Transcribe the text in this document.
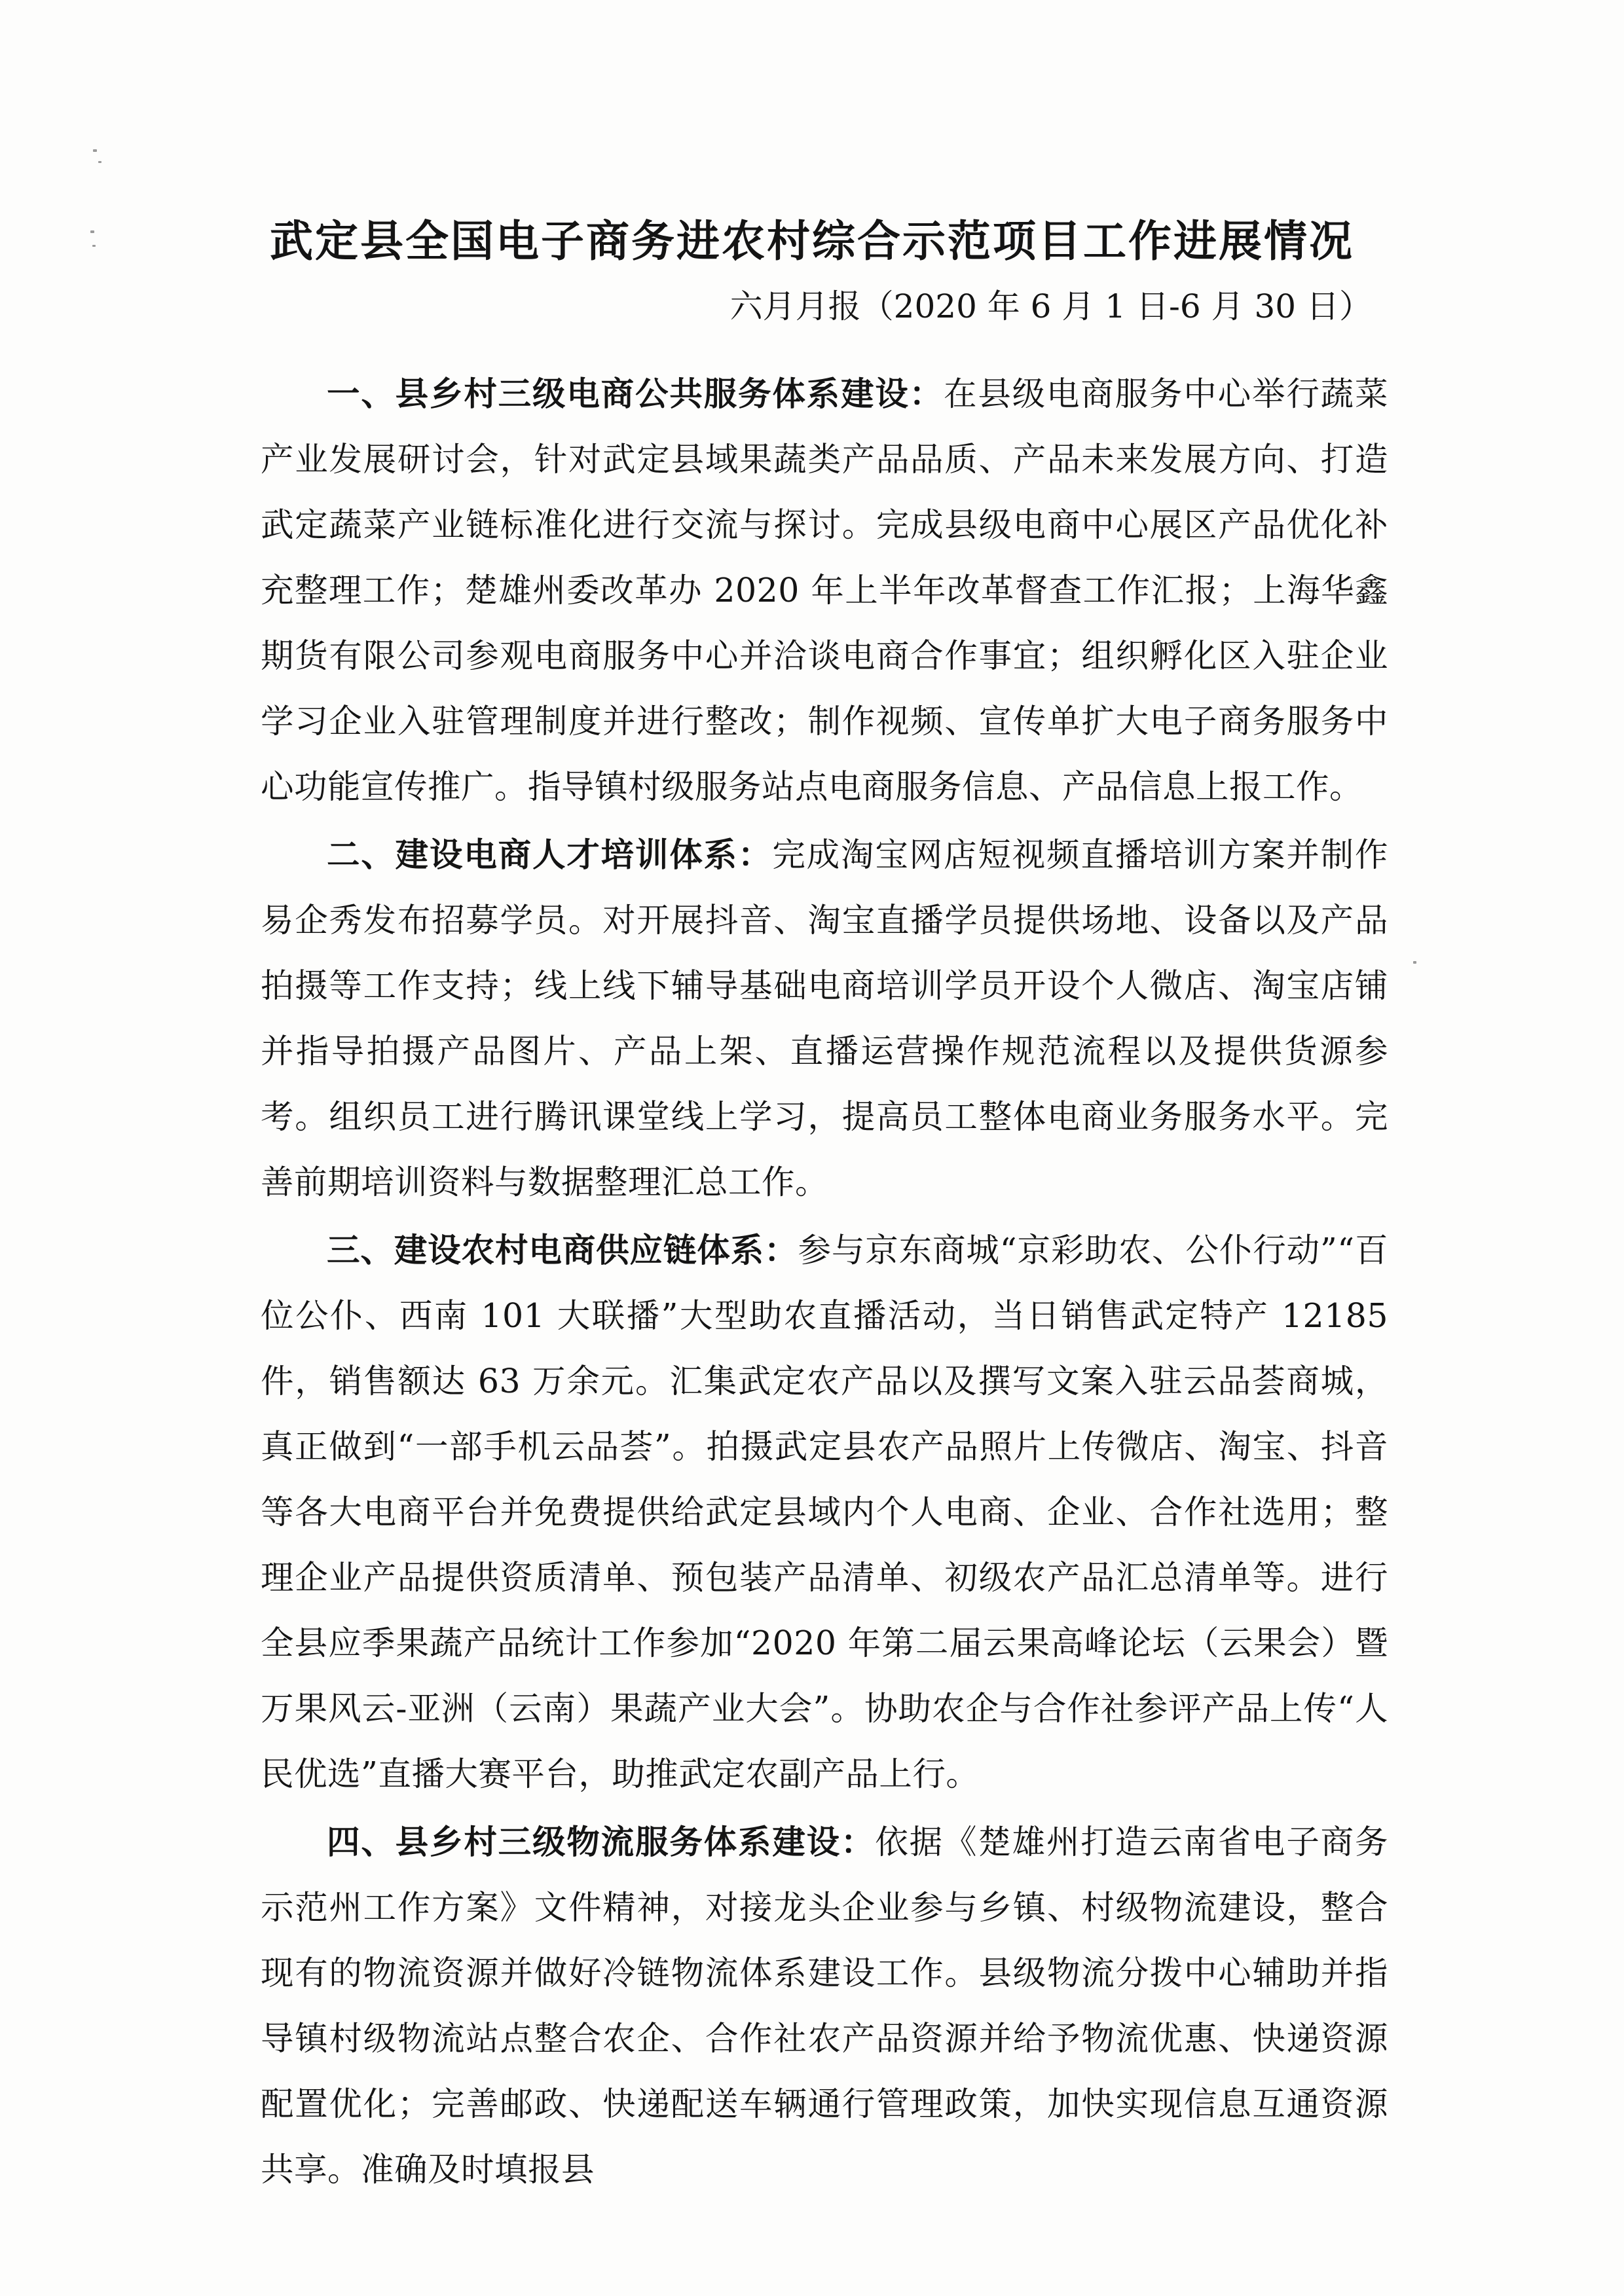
武定县全国电子商务进农村综合示范项目工作进展情况

六月月报（2020 年 6 月 1 日-6 月 30 日）

一、县乡村三级电商公共服务体系建设：在县级电商服务中心举行蔬菜产业发展研讨会，针对武定县域果蔬类产品品质、产品未来发展方向、打造武定蔬菜产业链标准化进行交流与探讨。完成县级电商中心展区产品优化补充整理工作；楚雄州委改革办 2020 年上半年改革督查工作汇报；上海华鑫期货有限公司参观电商服务中心并洽谈电商合作事宜；组织孵化区入驻企业学习企业入驻管理制度并进行整改；制作视频、宣传单扩大电子商务服务中心功能宣传推广。指导镇村级服务站点电商服务信息、产品信息上报工作。

二、建设电商人才培训体系：完成淘宝网店短视频直播培训方案并制作易企秀发布招募学员。对开展抖音、淘宝直播学员提供场地、设备以及产品拍摄等工作支持；线上线下辅导基础电商培训学员开设个人微店、淘宝店铺并指导拍摄产品图片、产品上架、直播运营操作规范流程以及提供货源参考。组织员工进行腾讯课堂线上学习，提高员工整体电商业务服务水平。完善前期培训资料与数据整理汇总工作。

三、建设农村电商供应链体系：参与京东商城“京彩助农、公仆行动”“百位公仆、西南 101 大联播”大型助农直播活动，当日销售武定特产 12185 件，销售额达 63 万余元。汇集武定农产品以及撰写文案入驻云品荟商城，真正做到“一部手机云品荟”。拍摄武定县农产品照片上传微店、淘宝、抖音等各大电商平台并免费提供给武定县域内个人电商、企业、合作社选用；整理企业产品提供资质清单、预包装产品清单、初级农产品汇总清单等。进行全县应季果蔬产品统计工作参加“2020 年第二届云果高峰论坛（云果会）暨万果风云-亚洲（云南）果蔬产业大会”。协助农企与合作社参评产品上传“人民优选”直播大赛平台，助推武定农副产品上行。

四、县乡村三级物流服务体系建设：依据《楚雄州打造云南省电子商务示范州工作方案》文件精神，对接龙头企业参与乡镇、村级物流建设，整合现有的物流资源并做好冷链物流体系建设工作。县级物流分拨中心辅助并指导镇村级物流站点整合农企、合作社农产品资源并给予物流优惠、快递资源配置优化；完善邮政、快递配送车辆通行管理政策，加快实现信息互通资源共享。准确及时填报县
